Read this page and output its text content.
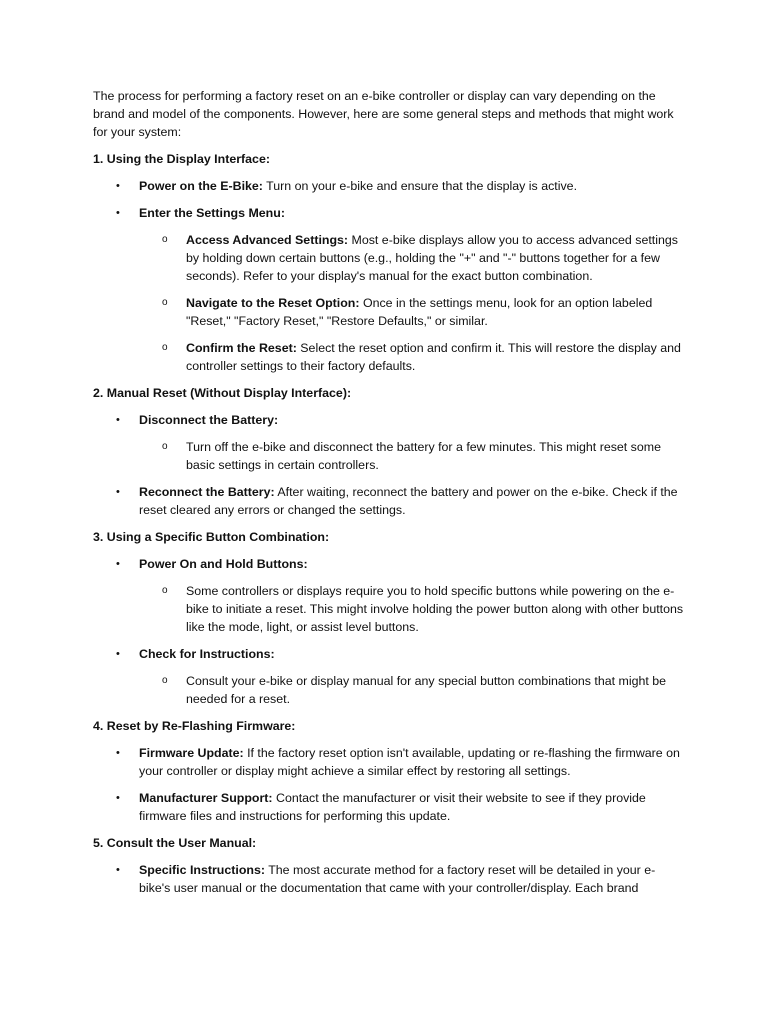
The process for performing a factory reset on an e-bike controller or display can vary depending on the brand and model of the components. However, here are some general steps and methods that might work for your system:

1. Using the Display Interface:

• Power on the E-Bike: Turn on your e-bike and ensure that the display is active.
• Enter the Settings Menu:
o Access Advanced Settings: Most e-bike displays allow you to access advanced settings by holding down certain buttons (e.g., holding the "+" and "-" buttons together for a few seconds). Refer to your display's manual for the exact button combination.
o Navigate to the Reset Option: Once in the settings menu, look for an option labeled "Reset," "Factory Reset," "Restore Defaults," or similar.
o Confirm the Reset: Select the reset option and confirm it. This will restore the display and controller settings to their factory defaults.

2. Manual Reset (Without Display Interface):

• Disconnect the Battery:
o Turn off the e-bike and disconnect the battery for a few minutes. This might reset some basic settings in certain controllers.
• Reconnect the Battery: After waiting, reconnect the battery and power on the e-bike. Check if the reset cleared any errors or changed the settings.

3. Using a Specific Button Combination:

• Power On and Hold Buttons:
o Some controllers or displays require you to hold specific buttons while powering on the e-bike to initiate a reset. This might involve holding the power button along with other buttons like the mode, light, or assist level buttons.
• Check for Instructions:
o Consult your e-bike or display manual for any special button combinations that might be needed for a reset.

4. Reset by Re-Flashing Firmware:

• Firmware Update: If the factory reset option isn't available, updating or re-flashing the firmware on your controller or display might achieve a similar effect by restoring all settings.
• Manufacturer Support: Contact the manufacturer or visit their website to see if they provide firmware files and instructions for performing this update.

5. Consult the User Manual:

• Specific Instructions: The most accurate method for a factory reset will be detailed in your e-bike's user manual or the documentation that came with your controller/display. Each brand
